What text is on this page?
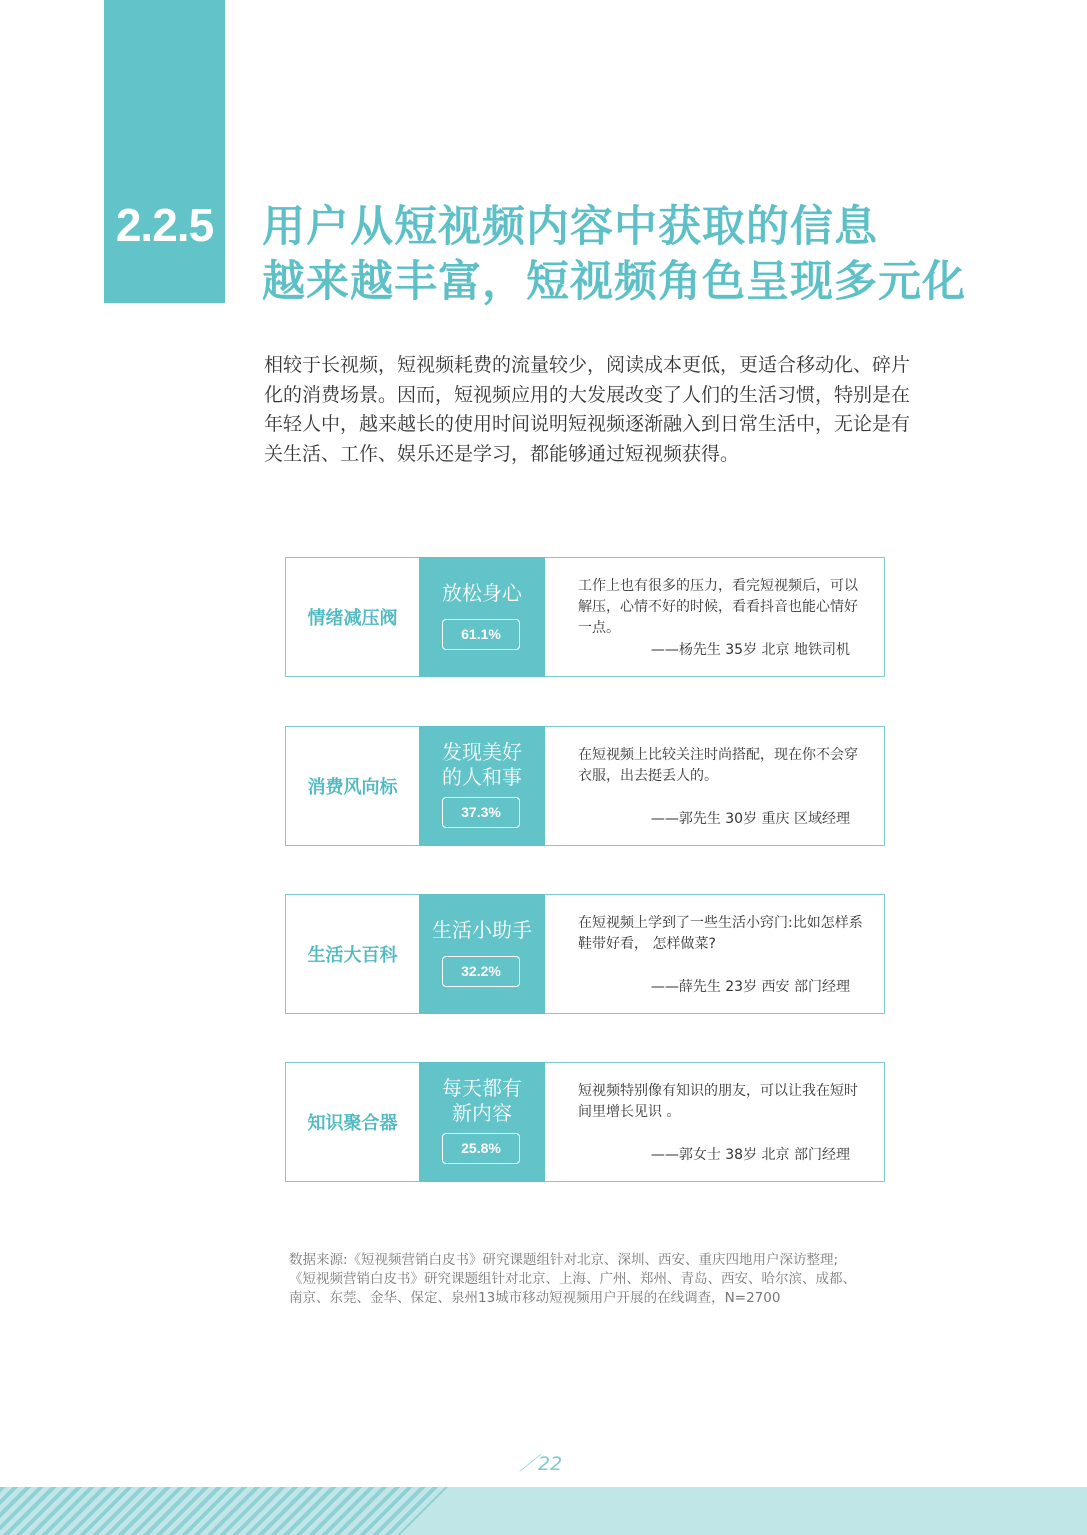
2.2.5 用户从短视频内容中获取的信息
越来越丰富，短视频角色呈现多元化

相较于长视频，短视频耗费的流量较少，阅读成本更低，更适合移动化、碎片

化的消费场景。因而，短视频应用的大发展改变了人们的生活习惯，特别是在

年轻人中，越来越长的使用时间说明短视频逐渐融入到日常生活中，无论是有

关生活、工作、娱乐还是学习，都能够通过短视频获得。

情绪减压阀
放松身心
61.1%
工作上也有很多的压力，看完短视频后，可以解压，心情不好的时候，看看抖音也能心情好一点。
——杨先生 35岁 北京 地铁司机
消费风向标
发现美好的人和事
37.3%
在短视频上比较关注时尚搭配，现在你不会穿衣服，出去挺丢人的。
——郭先生 30岁 重庆 区域经理
生活大百科
生活小助手
32.2%
在短视频上学到了一些生活小窍门:比如怎样系鞋带好看， 怎样做菜?
——薛先生 23岁 西安 部门经理
知识聚合器
每天都有新内容
25.8%
短视频特别像有知识的朋友，可以让我在短时间里增长见识 。
——郭女士 38岁 北京 部门经理

数据来源:《短视频营销白皮书》研究课题组针对北京、深圳、西安、重庆四地用户深访整理;

《短视频营销白皮书》研究课题组针对北京、上海、广州、郑州、青岛、西安、哈尔滨、成都、

南京、东莞、金华、保定、泉州13城市移动短视频用户开展的在线调查，N=2700

／22
